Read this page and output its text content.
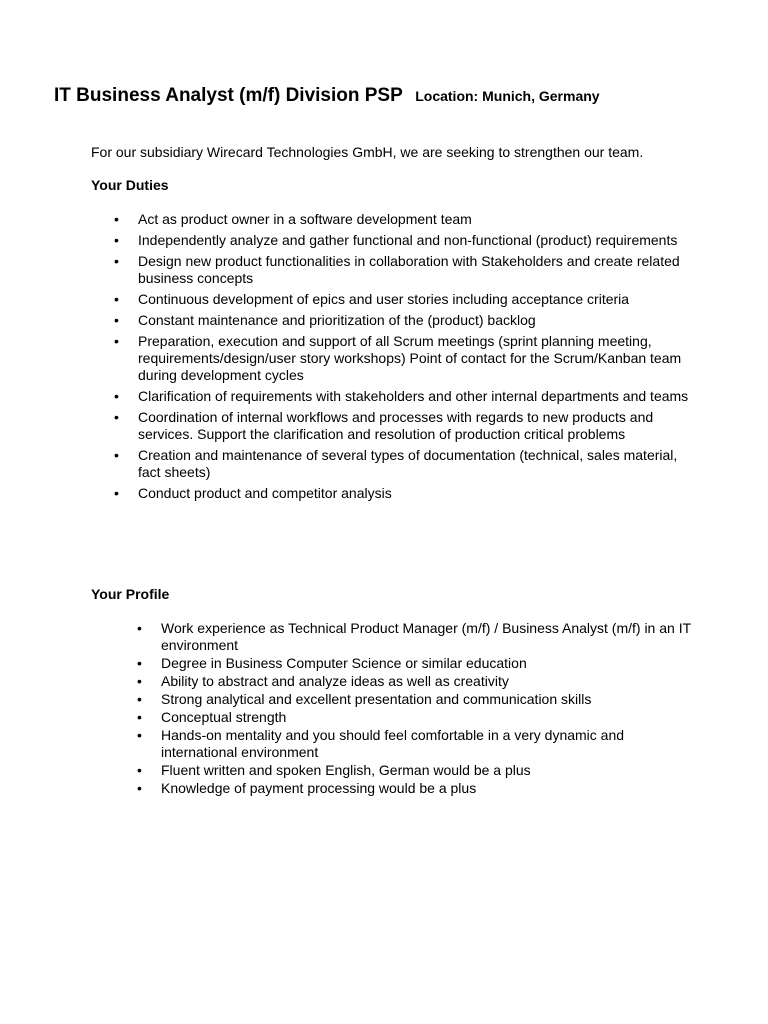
IT Business Analyst (m/f) Division PSP Location: Munich, Germany
For our subsidiary Wirecard Technologies GmbH, we are seeking to strengthen our team.
Your Duties
• Act as product owner in a software development team
• Independently analyze and gather functional and non-functional (product) requirements
• Design new product functionalities in collaboration with Stakeholders and create related business concepts
• Continuous development of epics and user stories including acceptance criteria
• Constant maintenance and prioritization of the (product) backlog
• Preparation, execution and support of all Scrum meetings (sprint planning meeting, requirements/design/user story workshops) Point of contact for the Scrum/Kanban team during development cycles
• Clarification of requirements with stakeholders and other internal departments and teams
• Coordination of internal workflows and processes with regards to new products and services. Support the clarification and resolution of production critical problems
• Creation and maintenance of several types of documentation (technical, sales material, fact sheets)
• Conduct product and competitor analysis
Your Profile
• Work experience as Technical Product Manager (m/f) / Business Analyst (m/f) in an IT environment
• Degree in Business Computer Science or similar education
• Ability to abstract and analyze ideas as well as creativity
• Strong analytical and excellent presentation and communication skills
• Conceptual strength
• Hands-on mentality and you should feel comfortable in a very dynamic and international environment
• Fluent written and spoken English, German would be a plus
• Knowledge of payment processing would be a plus
